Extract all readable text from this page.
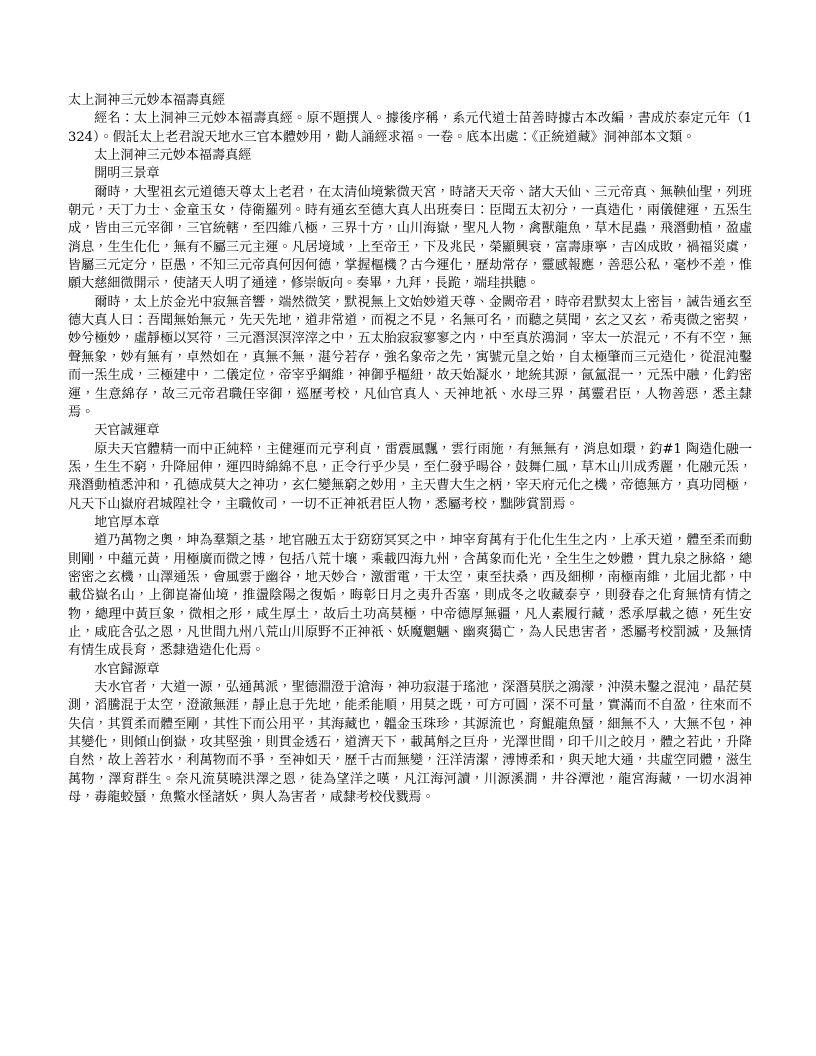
太上洞神三元妙本福壽真經

經名：太上洞神三元妙本福壽真經。原不題撰人。據後序稱，系元代道士苗善時據古本改編，書成於泰定元年（1324）。假託太上老君說天地水三官本體妙用，勸人誦經求福。一卷。底本出處：《正統道藏》洞神部本文類。

太上洞神三元妙本福壽真經

開明三景章

爾時，大聖祖玄元道德天尊太上老君，在太清仙境紫微天宮，時諸天天帝、諸大天仙、三元帝真、無鞅仙聖，列班朝元，天丁力士、金童玉女，侍衛羅列。時有通玄至德大真人出班奏曰：臣聞五太初分，一真造化，兩儀健運，五炁生成，皆由三元宰御，三官統轄，至四維八極，三界十方，山川海嶽，聖凡人物，禽獸龍魚，草木昆蟲，飛潛動植，盈虛消息，生生化化，無有不屬三元主運。凡居境域，上至帝王，下及兆民，榮顯興衰，富壽康寧，吉凶成敗，禍福災虞，皆屬三元定分，臣愚，不知三元帝真何因何德，掌握樞機？古今運化，歷劫常存，靈感報應，善惡公私，毫杪不差，惟願大慈細微開示，使諸天人明了通達，修崇皈向。奏畢，九拜，長跪，端珪拱聽。

爾時，太上於金光中寂無音響，端然微笑，默視無上文始妙道天尊、金闕帝君，時帝君默契太上密旨，誡告通玄至德大真人曰：吾聞無始無元，先天先地，道非常道，而視之不見，名無可名，而聽之莫聞，玄之又玄，希夷微之密契，妙兮極妙，虛靜極以冥符，三元潛溟溟滓滓之中，五太胎寂寂寥寥之内，中至真於鴻洞，宰太一於混元，不有不空，無聲無象，妙有無有，卓然如在，真無不無，湛兮若存，強名象帝之先，寓號元皇之始，自太極肇而三元造化，從混沌鑿而一炁生成，三極建中，二儀定位，帝宰乎綱維，神御乎樞紐，故天始凝水，地統其源，氤氳混一，元炁中融，化鈞密運，生意綿存，故三元帝君職任宰御，巡歷考校，凡仙官真人、天神地祇、水母三界，萬靈君臣，人物善惡，悉主隸焉。

天官誠運章

原夫天官體精一而中正純粹，主健運而元亨利貞，雷震風飄，雲行雨施，有無無有，消息如環，釣#1 陶造化融一炁，生生不窮，升降屈伸，運四時綿綿不息，正令行乎少昊，至仁發乎暘谷，鼓舞仁風，草木山川成秀麗，化融元炁，飛潛動植悉沖和，孔德成莫大之神功，玄仁變無窮之妙用，主天曹大生之柄，宰天府元化之機，帝德無方，真功罔極，凡天下山嶽府君城隍社令，主職攸司，一切不正神祇君臣人物，悉屬考校，黜陟賞罰焉。

地官厚本章

道乃萬物之奧，坤為羣類之基，地官融五太于窈窈冥冥之中，坤宰育萬有于化化生生之内，上承天道，體至柔而動則剛，中蘊元黃，用極廣而微之博，包括八荒十壤，乘載四海九州，含萬象而化光，全生生之妙體，貫九泉之脉絡，總密密之玄機，山澤通炁，會風雲于幽谷，地天妙合，激雷電，干太空，東至扶桑，西及細柳，南極南維，北屆北都，中載岱嶽名山，上御崑崙仙境，推盪陰陽之復姤，晦彰日月之夷升否塞，則成冬之收藏泰亨，則發春之化育無情有情之物，總理中黃巨象，微相之形，咸生厚土，故后土功高莫極，中帝德厚無疆，凡人素履行藏，悉承厚載之德，死生安止，咸庇含弘之恩，凡世間九州八荒山川原野不正神祇、妖魔魍魎、幽爽獦亡，為人民患害者，悉屬考校罰滅，及無情有情生成長育，悉隸造造化化焉。

水官歸源章

夫水官者，大道一源，弘通萬派，聖德淵澄于滄海，神功寂湛于瑤池，深潛莫朕之鴻濛，沖漠未鑿之混沌，晶茫莫測，滔騰混于太空，澄澈無涯，靜止息于先地，能柔能順，用莫之既，可方可圓，深不可量，實滿而不自盈，往來而不失信，其質柔而體至剛，其性下而公用平，其海藏也，韞金玉珠珍，其源流也，育鯤龍魚蜃，細無不入，大無不包，神其變化，則傾山倒嶽，攻其堅強，則貫金透石，道濟天下，載萬斛之巨舟，光澤世間，印千川之皎月，體之若此，升降自然，故上善若水，利萬物而不爭，至神如天，歷千古而無變，汪洋清潔，溥博柔和，與天地大通，共虛空同體，滋生萬物，澤育群生。奈凡流莫曉洪澤之恩，徒為望洋之嘆，凡江海河讀，川源溪澗，井谷潭池，龍宮海藏，一切水涓神母，毒龍蛟蜃，魚鱉水怪諸妖，與人為害者，咸隸考校伐戮焉。
